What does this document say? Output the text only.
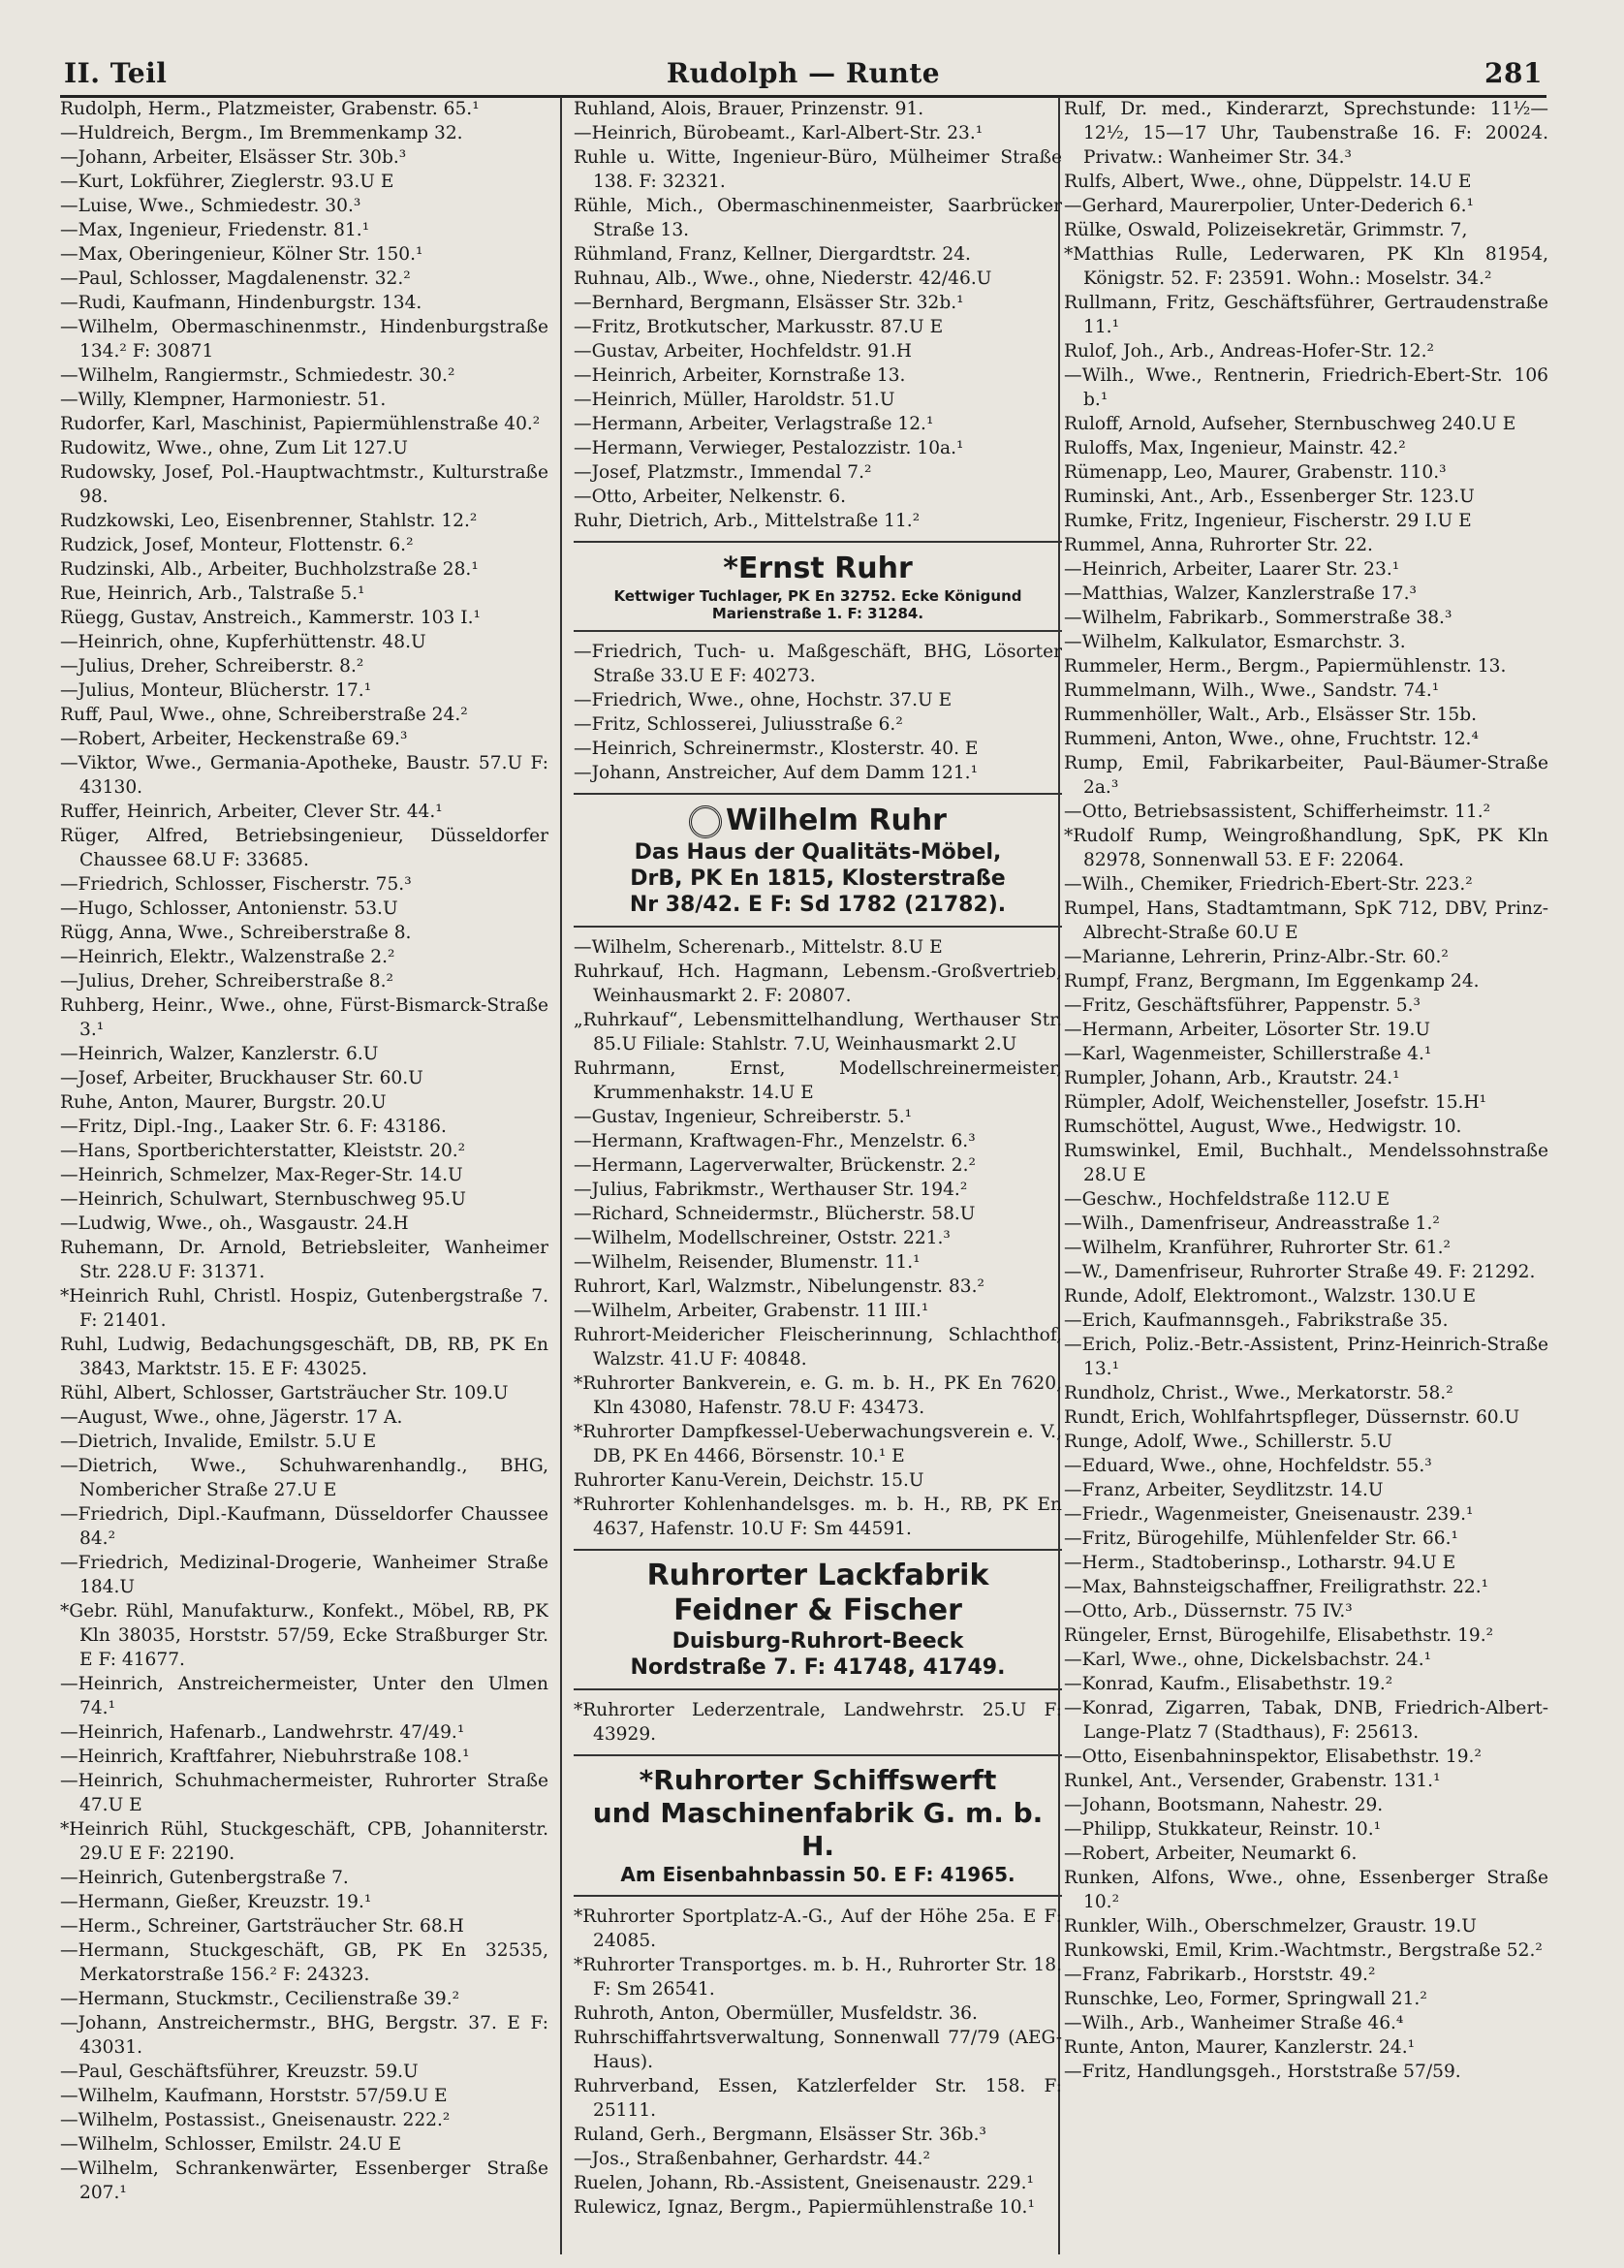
II. Teil	Rudolph — Runte	281

Rudolph, Herm., Platzmeister, Grabenstr. 65.¹

—Huldreich, Bergm., Im Bremmenkamp 32.

—Johann, Arbeiter, Elsässer Str. 30b.³

—Kurt, Lokführer, Zieglerstr. 93.U E

—Luise, Wwe., Schmiedestr. 30.³

—Max, Ingenieur, Friedenstr. 81.¹

—Max, Oberingenieur, Kölner Str. 150.¹

—Paul, Schlosser, Magdalenenstr. 32.²

—Rudi, Kaufmann, Hindenburgstr. 134.

—Wilhelm, Obermaschinenmstr., Hindenburgstraße 134.² F: 30871

—Wilhelm, Rangiermstr., Schmiedestr. 30.²

—Willy, Klempner, Harmoniestr. 51.

Rudorfer, Karl, Maschinist, Papiermühlenstraße 40.²

Rudowitz, Wwe., ohne, Zum Lit 127.U

Rudowsky, Josef, Pol.-Hauptwachtmstr., Kulturstraße 98.

Rudzkowski, Leo, Eisenbrenner, Stahlstr. 12.²

Rudzick, Josef, Monteur, Flottenstr. 6.²

Rudzinski, Alb., Arbeiter, Buchholzstraße 28.¹

Rue, Heinrich, Arb., Talstraße 5.¹

Rüegg, Gustav, Anstreich., Kammerstr. 103 I.¹

—Heinrich, ohne, Kupferhüttenstr. 48.U

—Julius, Dreher, Schreiberstr. 8.²

—Julius, Monteur, Blücherstr. 17.¹

Ruff, Paul, Wwe., ohne, Schreiberstraße 24.²

—Robert, Arbeiter, Heckenstraße 69.³

—Viktor, Wwe., Germania-Apotheke, Baustr. 57.U F: 43130.

Ruffer, Heinrich, Arbeiter, Clever Str. 44.¹

Rüger, Alfred, Betriebsingenieur, Düsseldorfer Chaussee 68.U F: 33685.

—Friedrich, Schlosser, Fischerstr. 75.³

—Hugo, Schlosser, Antonienstr. 53.U

Rügg, Anna, Wwe., Schreiberstraße 8.

—Heinrich, Elektr., Walzenstraße 2.²

—Julius, Dreher, Schreiberstraße 8.²

Ruhberg, Heinr., Wwe., ohne, Fürst-Bismarck-Straße 3.¹

—Heinrich, Walzer, Kanzlerstr. 6.U

—Josef, Arbeiter, Bruckhauser Str. 60.U

Ruhe, Anton, Maurer, Burgstr. 20.U

—Fritz, Dipl.-Ing., Laaker Str. 6. F: 43186.

—Hans, Sportberichterstatter, Kleiststr. 20.²

—Heinrich, Schmelzer, Max-Reger-Str. 14.U

—Heinrich, Schulwart, Sternbuschweg 95.U

—Ludwig, Wwe., oh., Wasgaustr. 24.H

Ruhemann, Dr. Arnold, Betriebsleiter, Wanheimer Str. 228.U F: 31371.

*Heinrich Ruhl, Christl. Hospiz, Gutenbergstraße 7. F: 21401.

Ruhl, Ludwig, Bedachungsgeschäft, DB, RB, PK En 3843, Marktstr. 15. E F: 43025.

Rühl, Albert, Schlosser, Gartsträucher Str. 109.U

—August, Wwe., ohne, Jägerstr. 17 A.

—Dietrich, Invalide, Emilstr. 5.U E

—Dietrich, Wwe., Schuhwarenhandlg., BHG, Nombericher Straße 27.U E

—Friedrich, Dipl.-Kaufmann, Düsseldorfer Chaussee 84.²

—Friedrich, Medizinal-Drogerie, Wanheimer Straße 184.U

*Gebr. Rühl, Manufakturw., Konfekt., Möbel, RB, PK Kln 38035, Horststr. 57/59, Ecke Straßburger Str. E F: 41677.

—Heinrich, Anstreichermeister, Unter den Ulmen 74.¹

—Heinrich, Hafenarb., Landwehrstr. 47/49.¹

—Heinrich, Kraftfahrer, Niebuhrstraße 108.¹

—Heinrich, Schuhmachermeister, Ruhrorter Straße 47.U E

*Heinrich Rühl, Stuckgeschäft, CPB, Johanniterstr. 29.U E F: 22190.

—Heinrich, Gutenbergstraße 7.

—Hermann, Gießer, Kreuzstr. 19.¹

—Herm., Schreiner, Gartsträucher Str. 68.H

—Hermann, Stuckgeschäft, GB, PK En 32535, Merkatorstraße 156.² F: 24323.

—Hermann, Stuckmstr., Cecilienstraße 39.²

—Johann, Anstreichermstr., BHG, Bergstr. 37. E F: 43031.

—Paul, Geschäftsführer, Kreuzstr. 59.U

—Wilhelm, Kaufmann, Horststr. 57/59.U E

—Wilhelm, Postassist., Gneisenaustr. 222.²

—Wilhelm, Schlosser, Emilstr. 24.U E

—Wilhelm, Schrankenwärter, Essenberger Straße 207.¹

Ruhland, Alois, Brauer, Prinzenstr. 91.

—Heinrich, Bürobeamt., Karl-Albert-Str. 23.¹

Ruhle u. Witte, Ingenieur-Büro, Mülheimer Straße 138. F: 32321.

Rühle, Mich., Obermaschinenmeister, Saarbrücker Straße 13.

Rühmland, Franz, Kellner, Diergardtstr. 24.

Ruhnau, Alb., Wwe., ohne, Niederstr. 42/46.U

—Bernhard, Bergmann, Elsässer Str. 32b.¹

—Fritz, Brotkutscher, Markusstr. 87.U E

—Gustav, Arbeiter, Hochfeldstr. 91.H

—Heinrich, Arbeiter, Kornstraße 13.

—Heinrich, Müller, Haroldstr. 51.U

—Hermann, Arbeiter, Verlagstraße 12.¹

—Hermann, Verwieger, Pestalozzistr. 10a.¹

—Josef, Platzmstr., Immendal 7.²

—Otto, Arbeiter, Nelkenstr. 6.

Ruhr, Dietrich, Arb., Mittelstraße 11.²

*Ernst Ruhr
Kettwiger Tuchlager, PK En 32752. Ecke Königund Marienstraße 1. F: 31284.

—Friedrich, Tuch- u. Maßgeschäft, BHG, Lösorter Straße 33.U E F: 40273.

—Friedrich, Wwe., ohne, Hochstr. 37.U E

—Fritz, Schlosserei, Juliusstraße 6.²

—Heinrich, Schreinermstr., Klosterstr. 40. E

—Johann, Anstreicher, Auf dem Damm 121.¹

Wilhelm Ruhr
Das Haus der Qualitäts-Möbel,
DrB, PK En 1815, Klosterstraße
Nr 38/42. E F: Sd 1782 (21782).

—Wilhelm, Scherenarb., Mittelstr. 8.U E

Ruhrkauf, Hch. Hagmann, Lebensm.-Großvertrieb, Weinhausmarkt 2. F: 20807.

„Ruhrkauf“, Lebensmittelhandlung, Werthauser Str. 85.U Filiale: Stahlstr. 7.U, Weinhausmarkt 2.U

Ruhrmann, Ernst, Modellschreinermeister, Krummenhakstr. 14.U E

—Gustav, Ingenieur, Schreiberstr. 5.¹

—Hermann, Kraftwagen-Fhr., Menzelstr. 6.³

—Hermann, Lagerverwalter, Brückenstr. 2.²

—Julius, Fabrikmstr., Werthauser Str. 194.²

—Richard, Schneidermstr., Blücherstr. 58.U

—Wilhelm, Modellschreiner, Oststr. 221.³

—Wilhelm, Reisender, Blumenstr. 11.¹

Ruhrort, Karl, Walzmstr., Nibelungenstr. 83.²

—Wilhelm, Arbeiter, Grabenstr. 11 III.¹

Ruhrort-Meidericher Fleischerinnung, Schlachthof, Walzstr. 41.U F: 40848.

*Ruhrorter Bankverein, e. G. m. b. H., PK En 7620, Kln 43080, Hafenstr. 78.U F: 43473.

*Ruhrorter Dampfkessel-Ueberwachungsverein e. V., DB, PK En 4466, Börsenstr. 10.¹ E

Ruhrorter Kanu-Verein, Deichstr. 15.U

*Ruhrorter Kohlenhandelsges. m. b. H., RB, PK En 4637, Hafenstr. 10.U F: Sm 44591.

Ruhrorter Lackfabrik
Feidner & Fischer
Duisburg-Ruhrort-Beeck
Nordstraße 7. F: 41748, 41749.

*Ruhrorter Lederzentrale, Landwehrstr. 25.U F: 43929.

*Ruhrorter Schiffswerft
und Maschinenfabrik G. m. b. H.
Am Eisenbahnbassin 50. E F: 41965.

*Ruhrorter Sportplatz-A.-G., Auf der Höhe 25a. E F: 24085.

*Ruhrorter Transportges. m. b. H., Ruhrorter Str. 18. F: Sm 26541.

Ruhroth, Anton, Obermüller, Musfeldstr. 36.

Ruhrschiffahrtsverwaltung, Sonnenwall 77/79 (AEG-Haus).

Ruhrverband, Essen, Katzlerfelder Str. 158. F: 25111.

Ruland, Gerh., Bergmann, Elsässer Str. 36b.³

—Jos., Straßenbahner, Gerhardstr. 44.²

Ruelen, Johann, Rb.-Assistent, Gneisenaustr. 229.¹

Rulewicz, Ignaz, Bergm., Papiermühlenstraße 10.¹

Rulf, Dr. med., Kinderarzt, Sprechstunde: 11½—12½, 15—17 Uhr, Taubenstraße 16. F: 20024. Privatw.: Wanheimer Str. 34.³

Rulfs, Albert, Wwe., ohne, Düppelstr. 14.U E

—Gerhard, Maurerpolier, Unter-Dederich 6.¹

Rülke, Oswald, Polizeisekretär, Grimmstr. 7,

*Matthias Rulle, Lederwaren, PK Kln 81954, Königstr. 52. F: 23591. Wohn.: Moselstr. 34.²

Rullmann, Fritz, Geschäftsführer, Gertraudenstraße 11.¹

Rulof, Joh., Arb., Andreas-Hofer-Str. 12.²

—Wilh., Wwe., Rentnerin, Friedrich-Ebert-Str. 106 b.¹

Ruloff, Arnold, Aufseher, Sternbuschweg 240.U E

Ruloffs, Max, Ingenieur, Mainstr. 42.²

Rümenapp, Leo, Maurer, Grabenstr. 110.³

Ruminski, Ant., Arb., Essenberger Str. 123.U

Rumke, Fritz, Ingenieur, Fischerstr. 29 I.U E

Rummel, Anna, Ruhrorter Str. 22.

—Heinrich, Arbeiter, Laarer Str. 23.¹

—Matthias, Walzer, Kanzlerstraße 17.³

—Wilhelm, Fabrikarb., Sommerstraße 38.³

—Wilhelm, Kalkulator, Esmarchstr. 3.

Rummeler, Herm., Bergm., Papiermühlenstr. 13.

Rummelmann, Wilh., Wwe., Sandstr. 74.¹

Rummenhöller, Walt., Arb., Elsässer Str. 15b.

Rummeni, Anton, Wwe., ohne, Fruchtstr. 12.⁴

Rump, Emil, Fabrikarbeiter, Paul-Bäumer-Straße 2a.³

—Otto, Betriebsassistent, Schifferheimstr. 11.²

*Rudolf Rump, Weingroßhandlung, SpK, PK Kln 82978, Sonnenwall 53. E F: 22064.

—Wilh., Chemiker, Friedrich-Ebert-Str. 223.²

Rumpel, Hans, Stadtamtmann, SpK 712, DBV, Prinz-Albrecht-Straße 60.U E

—Marianne, Lehrerin, Prinz-Albr.-Str. 60.²

Rumpf, Franz, Bergmann, Im Eggenkamp 24.

—Fritz, Geschäftsführer, Pappenstr. 5.³

—Hermann, Arbeiter, Lösorter Str. 19.U

—Karl, Wagenmeister, Schillerstraße 4.¹

Rumpler, Johann, Arb., Krautstr. 24.¹

Rümpler, Adolf, Weichensteller, Josefstr. 15.H¹

Rumschöttel, August, Wwe., Hedwigstr. 10.

Rumswinkel, Emil, Buchhalt., Mendelssohnstraße 28.U E

—Geschw., Hochfeldstraße 112.U E

—Wilh., Damenfriseur, Andreasstraße 1.²

—Wilhelm, Kranführer, Ruhrorter Str. 61.²

—W., Damenfriseur, Ruhrorter Straße 49. F: 21292.

Runde, Adolf, Elektromont., Walzstr. 130.U E

—Erich, Kaufmannsgeh., Fabrikstraße 35.

—Erich, Poliz.-Betr.-Assistent, Prinz-Heinrich-Straße 13.¹

Rundholz, Christ., Wwe., Merkatorstr. 58.²

Rundt, Erich, Wohlfahrtspfleger, Düssernstr. 60.U

Runge, Adolf, Wwe., Schillerstr. 5.U

—Eduard, Wwe., ohne, Hochfeldstr. 55.³

—Franz, Arbeiter, Seydlitzstr. 14.U

—Friedr., Wagenmeister, Gneisenaustr. 239.¹

—Fritz, Bürogehilfe, Mühlenfelder Str. 66.¹

—Herm., Stadtoberinsp., Lotharstr. 94.U E

—Max, Bahnsteigschaffner, Freiligrathstr. 22.¹

—Otto, Arb., Düssernstr. 75 IV.³

Rüngeler, Ernst, Bürogehilfe, Elisabethstr. 19.²

—Karl, Wwe., ohne, Dickelsbachstr. 24.¹

—Konrad, Kaufm., Elisabethstr. 19.²

—Konrad, Zigarren, Tabak, DNB, Friedrich-Albert-Lange-Platz 7 (Stadthaus), F: 25613.

—Otto, Eisenbahninspektor, Elisabethstr. 19.²

Runkel, Ant., Versender, Grabenstr. 131.¹

—Johann, Bootsmann, Nahestr. 29.

—Philipp, Stukkateur, Reinstr. 10.¹

—Robert, Arbeiter, Neumarkt 6.

Runken, Alfons, Wwe., ohne, Essenberger Straße 10.²

Runkler, Wilh., Oberschmelzer, Graustr. 19.U

Runkowski, Emil, Krim.-Wachtmstr., Bergstraße 52.²

—Franz, Fabrikarb., Horststr. 49.²

Runschke, Leo, Former, Springwall 21.²

—Wilh., Arb., Wanheimer Straße 46.⁴

Runte, Anton, Maurer, Kanzlerstr. 24.¹

—Fritz, Handlungsgeh., Horststraße 57/59.
